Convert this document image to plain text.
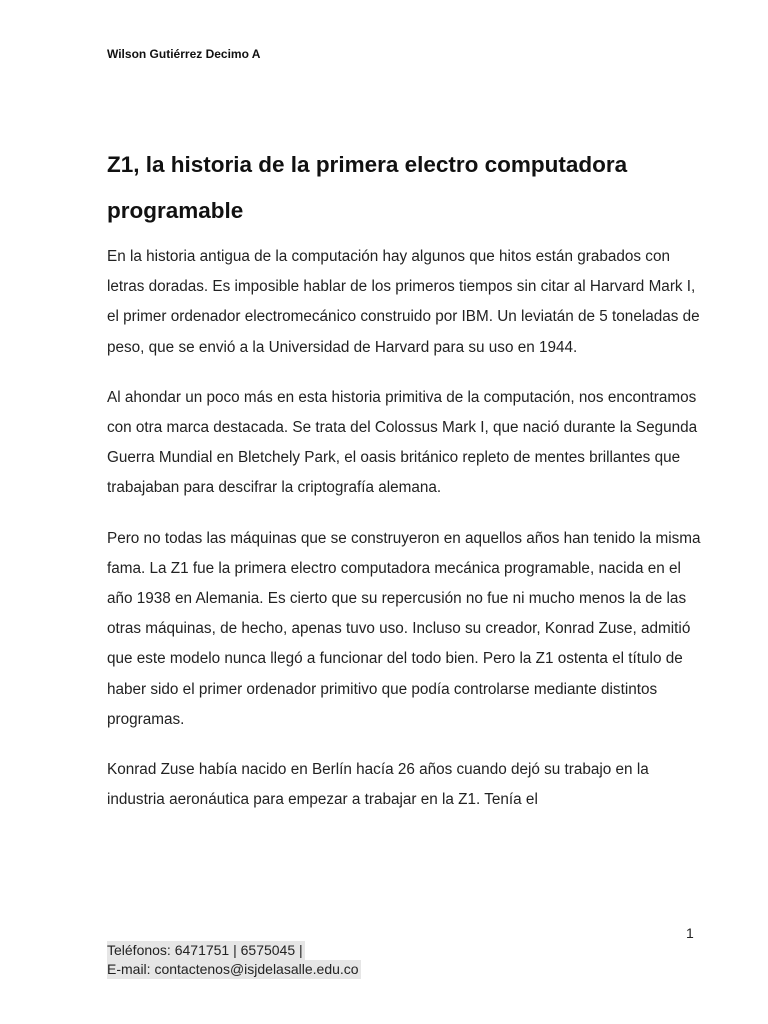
Wilson Gutiérrez Decimo A
Z1, la historia de la primera electro computadora programable

En la historia antigua de la computación hay algunos que hitos están grabados con letras doradas. Es imposible hablar de los primeros tiempos sin citar al Harvard Mark I, el primer ordenador electromecánico construido por IBM. Un leviatán de 5 toneladas de peso, que se envió a la Universidad de Harvard para su uso en 1944.

Al ahondar un poco más en esta historia primitiva de la computación, nos encontramos con otra marca destacada. Se trata del Colossus Mark I, que nació durante la Segunda Guerra Mundial en Bletchely Park, el oasis británico repleto de mentes brillantes que trabajaban para descifrar la criptografía alemana.

Pero no todas las máquinas que se construyeron en aquellos años han tenido la misma fama. La Z1 fue la primera electro computadora mecánica programable, nacida en el año 1938 en Alemania. Es cierto que su repercusión no fue ni mucho menos la de las otras máquinas, de hecho, apenas tuvo uso. Incluso su creador, Konrad Zuse, admitió que este modelo nunca llegó a funcionar del todo bien. Pero la Z1 ostenta el título de haber sido el primer ordenador primitivo que podía controlarse mediante distintos programas.

Konrad Zuse había nacido en Berlín hacía 26 años cuando dejó su trabajo en la industria aeronáutica para empezar a trabajar en la Z1. Tenía el

1
Teléfonos: 6471751 | 6575045 |
E-mail: contactenos@isjdelasalle.edu.co
